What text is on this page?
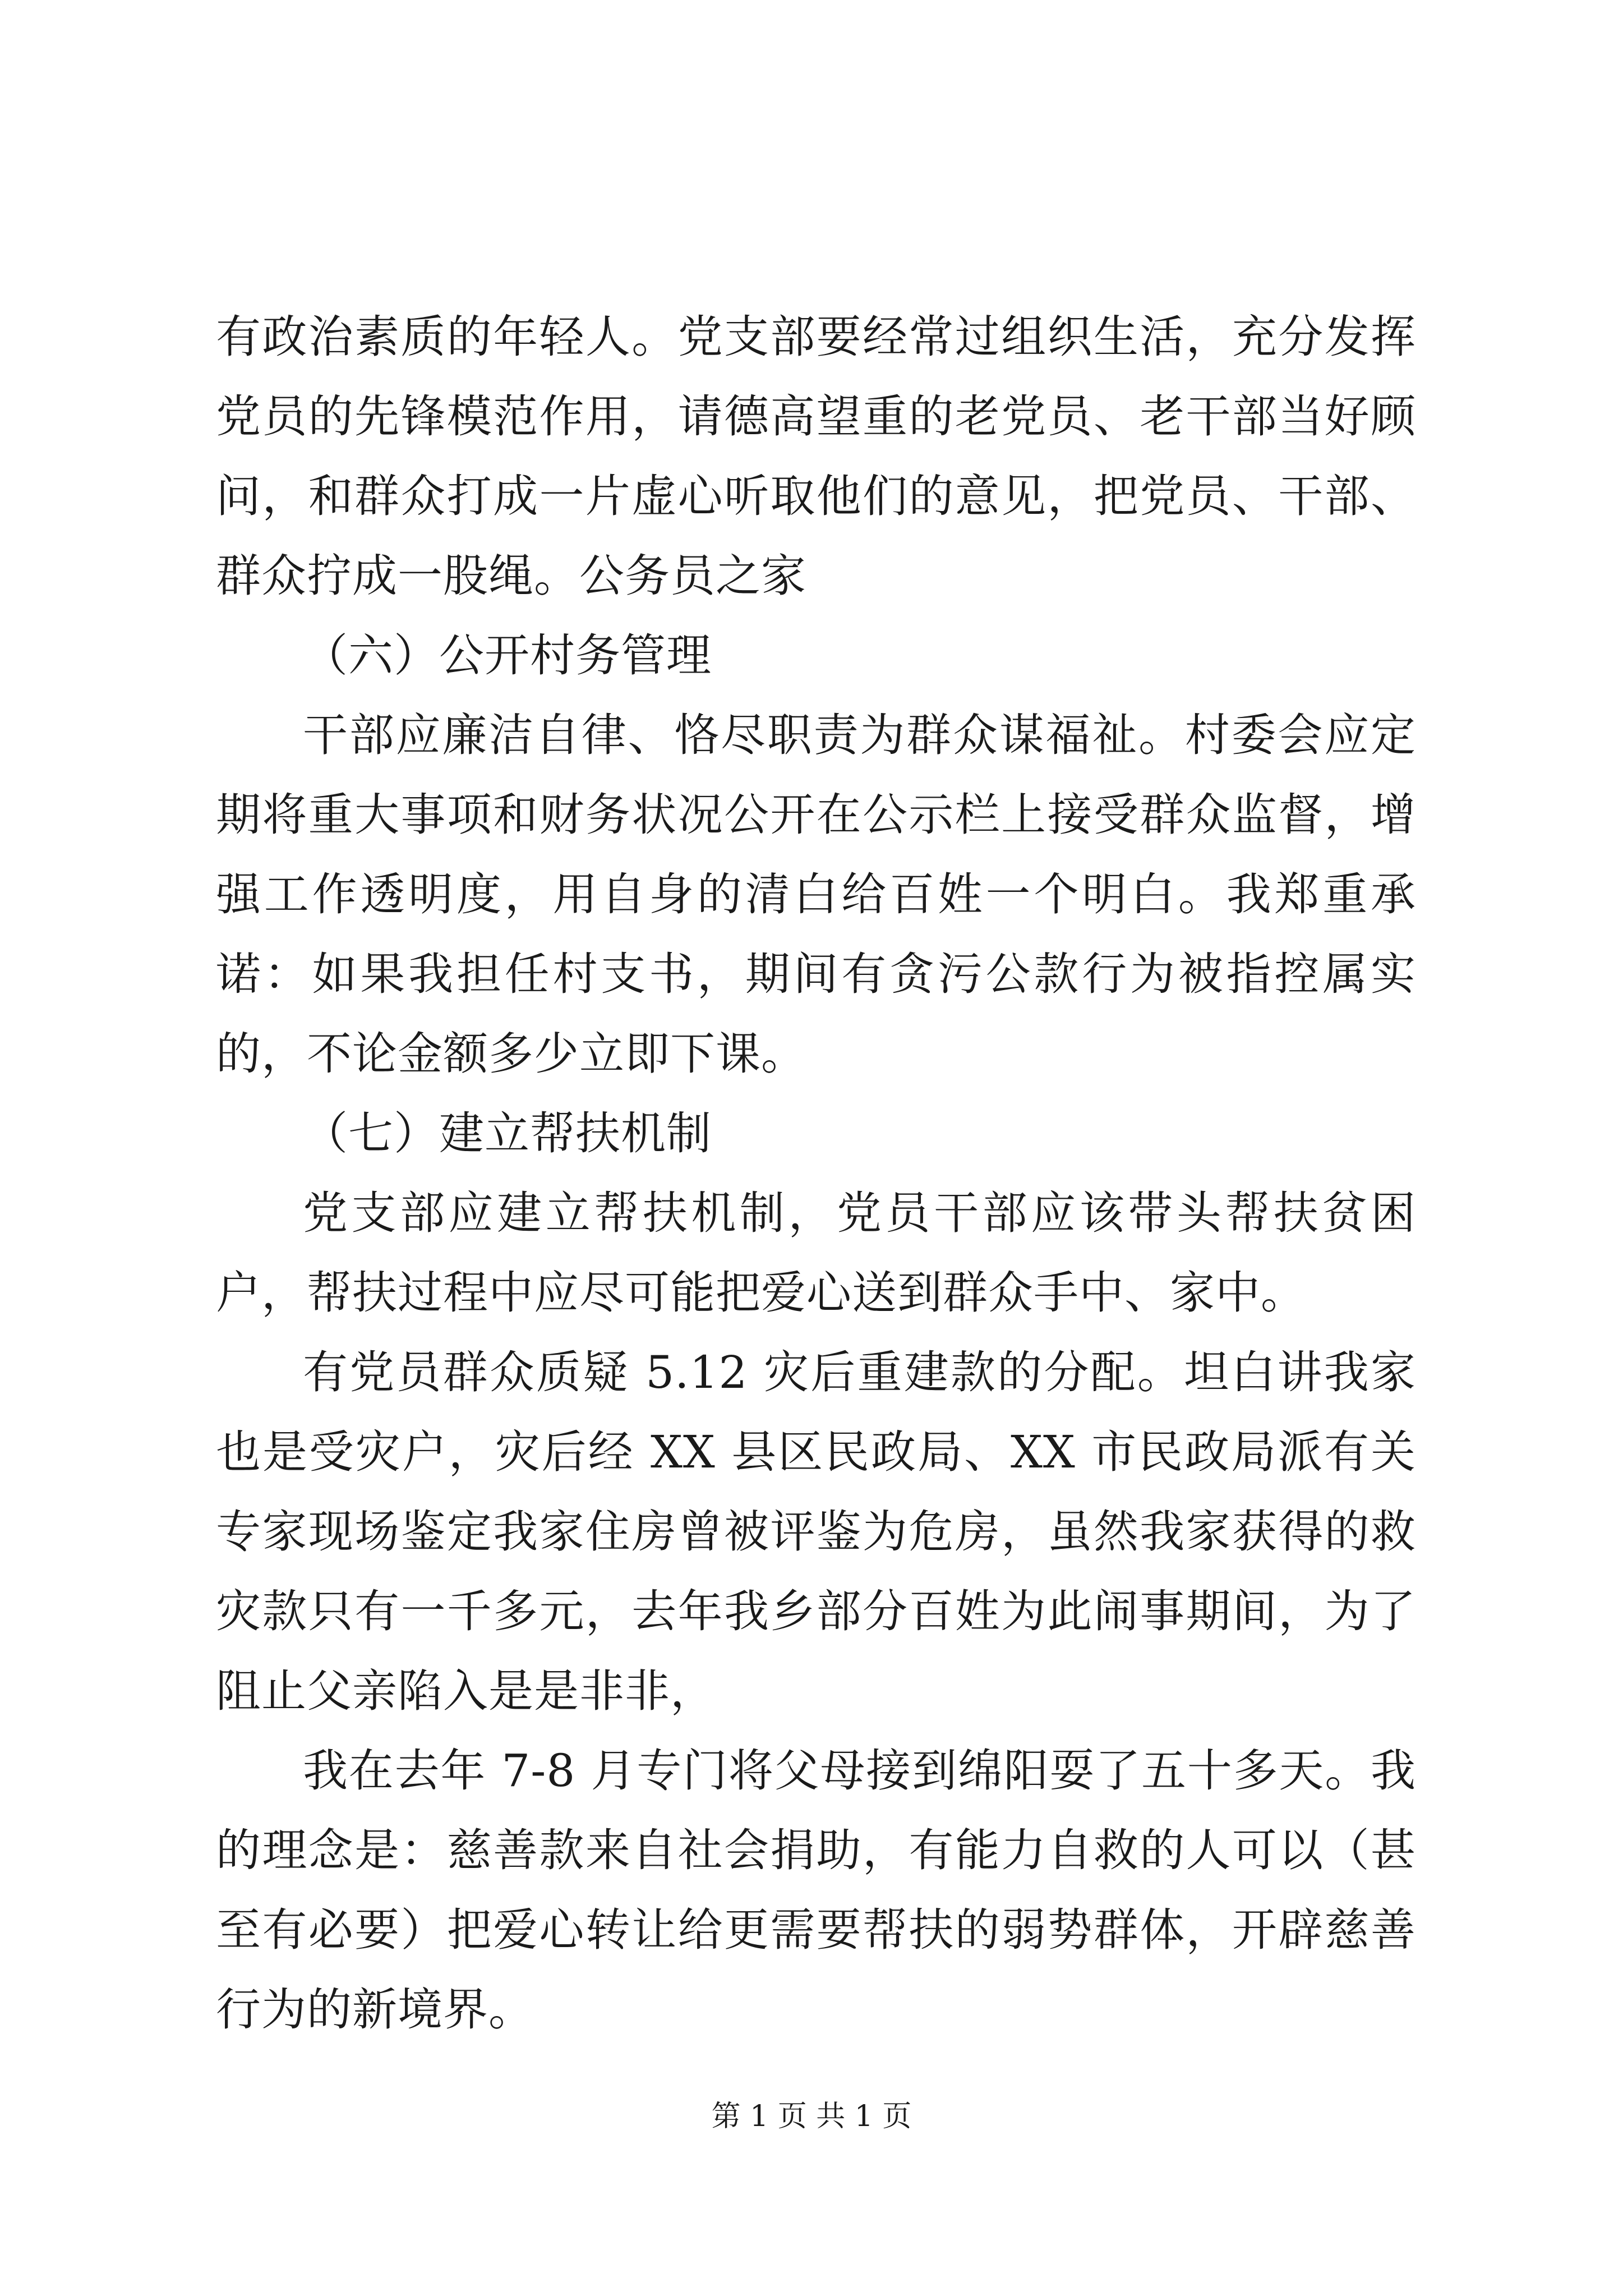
有政治素质的年轻人。党支部要经常过组织生活，充分发挥党员的先锋模范作用，请德高望重的老党员、老干部当好顾问，和群众打成一片虚心听取他们的意见，把党员、干部、群众拧成一股绳。公务员之家

（六）公开村务管理

干部应廉洁自律、恪尽职责为群众谋福祉。村委会应定期将重大事项和财务状况公开在公示栏上接受群众监督，增强工作透明度，用自身的清白给百姓一个明白。我郑重承诺：如果我担任村支书，期间有贪污公款行为被指控属实的，不论金额多少立即下课。

（七）建立帮扶机制

党支部应建立帮扶机制，党员干部应该带头帮扶贫困户，帮扶过程中应尽可能把爱心送到群众手中、家中。

有党员群众质疑 5.12 灾后重建款的分配。坦白讲我家也是受灾户，灾后经 XX 县区民政局、XX 市民政局派有关专家现场鉴定我家住房曾被评鉴为危房，虽然我家获得的救灾款只有一千多元，去年我乡部分百姓为此闹事期间，为了阻止父亲陷入是是非非，

我在去年 7-8 月专门将父母接到绵阳耍了五十多天。我的理念是：慈善款来自社会捐助，有能力自救的人可以（甚至有必要）把爱心转让给更需要帮扶的弱势群体，开辟慈善行为的新境界。

第 1 页 共 1 页
